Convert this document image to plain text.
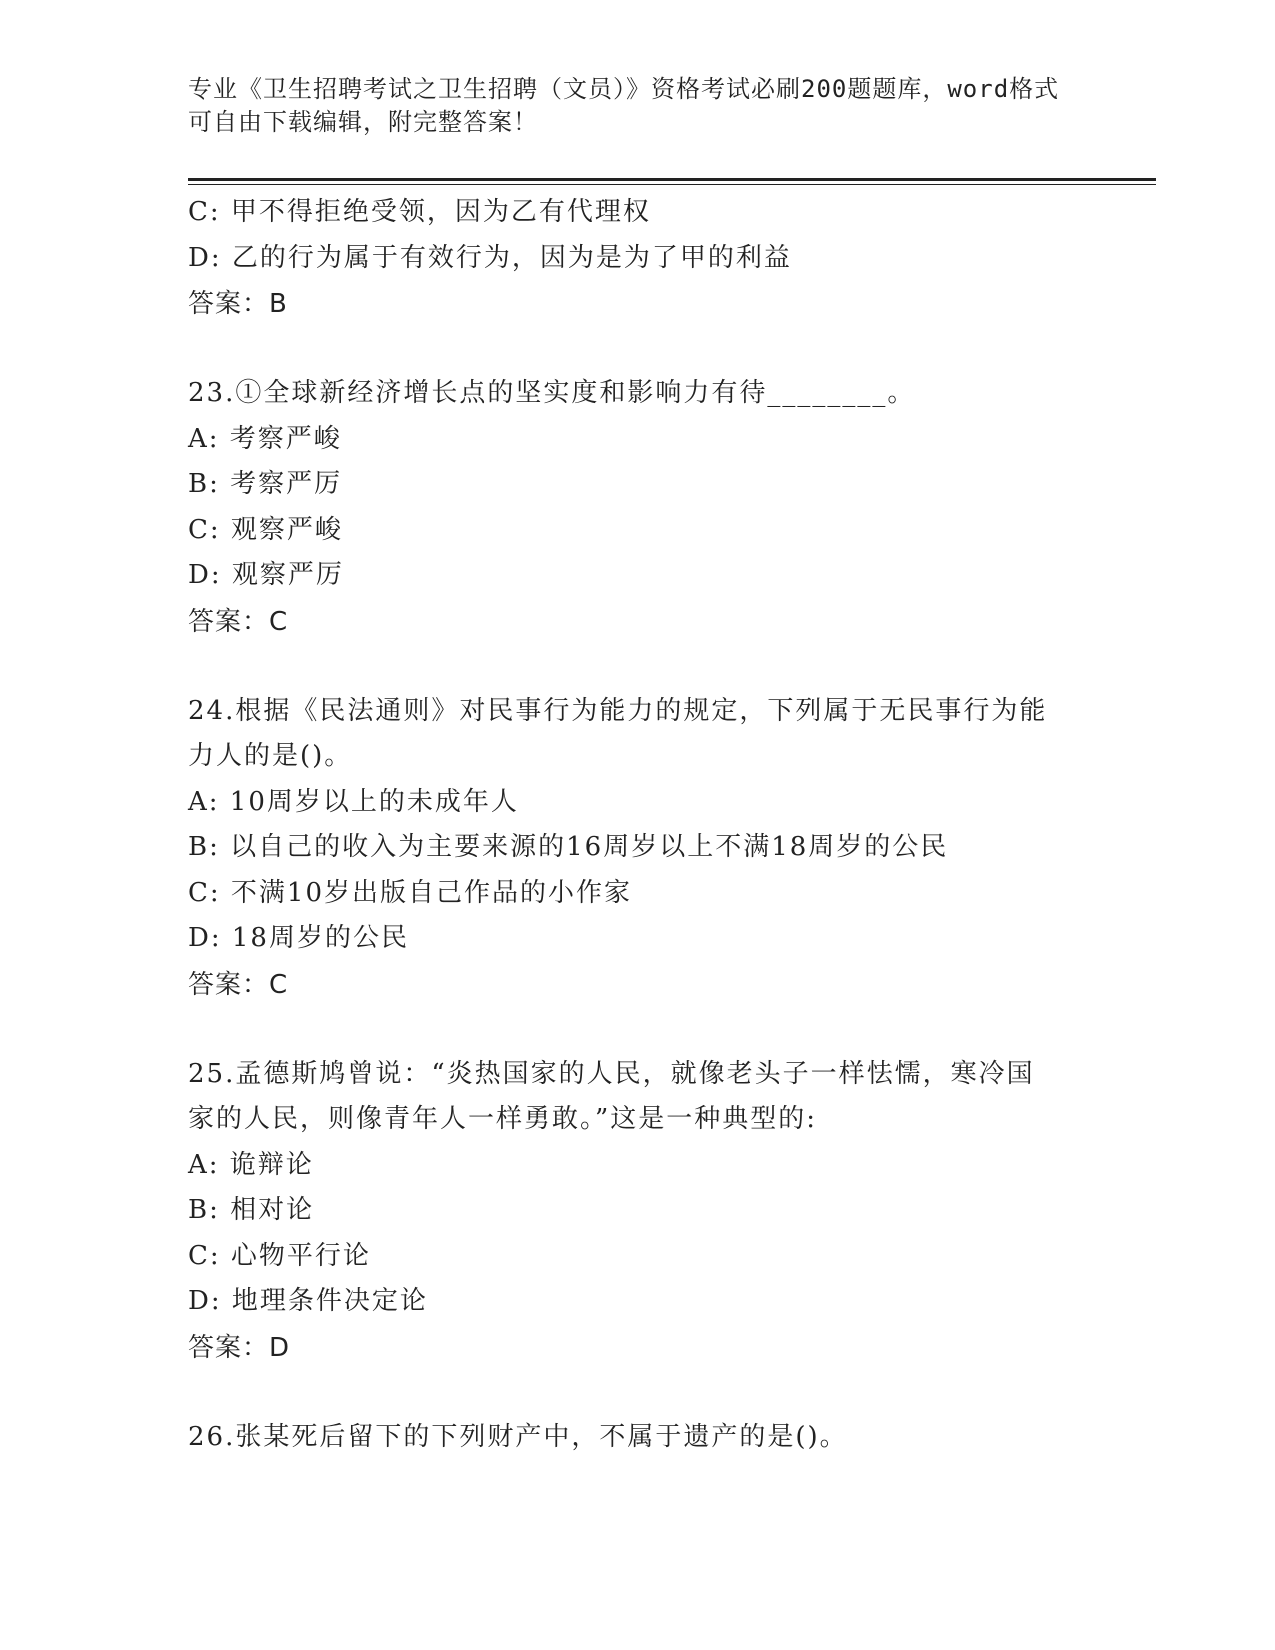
专业《卫生招聘考试之卫生招聘（文员）》资格考试必刷200题题库，word格式
可自由下载编辑，附完整答案！
C: 甲不得拒绝受领，因为乙有代理权
D: 乙的行为属于有效行为，因为是为了甲的利益
答案：B
23.①全球新经济增长点的坚实度和影响力有待________。
A: 考察严峻
B: 考察严厉
C: 观察严峻
D: 观察严厉
答案：C
24.根据《民法通则》对民事行为能力的规定，下列属于无民事行为能
力人的是()。
A: 10周岁以上的未成年人
B: 以自己的收入为主要来源的16周岁以上不满18周岁的公民
C: 不满10岁出版自己作品的小作家
D: 18周岁的公民
答案：C
25.孟德斯鸠曾说：“炎热国家的人民，就像老头子一样怯懦，寒冷国
家的人民，则像青年人一样勇敢。”这是一种典型的:
A: 诡辩论
B: 相对论
C: 心物平行论
D: 地理条件决定论
答案：D
26.张某死后留下的下列财产中，不属于遗产的是()。
